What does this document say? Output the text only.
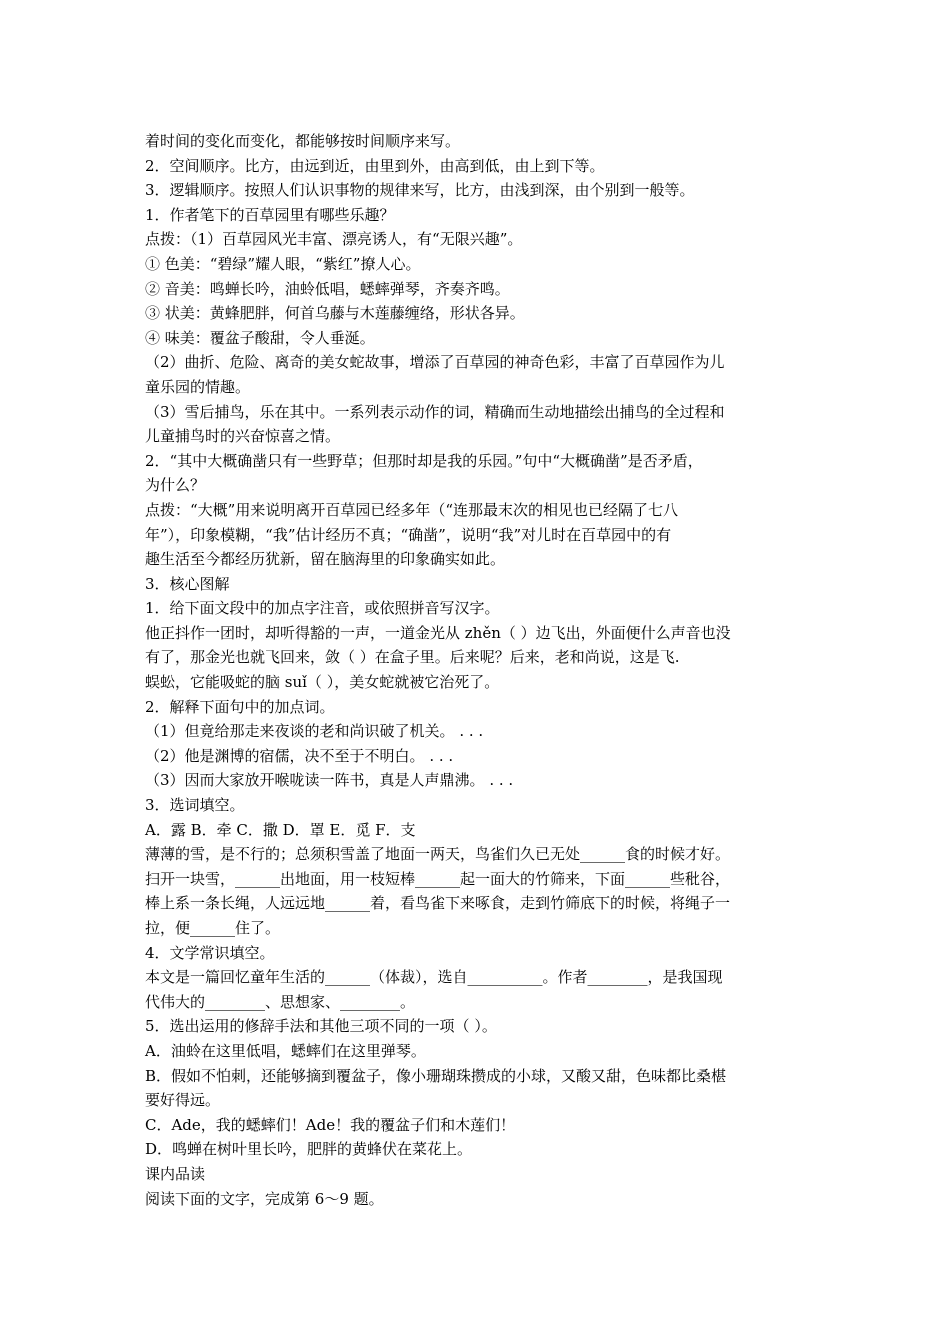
着时间的变化而变化，都能够按时间顺序来写。
2．空间顺序。比方，由远到近，由里到外，由高到低，由上到下等。
3．逻辑顺序。按照人们认识事物的规律来写，比方，由浅到深，由个别到一般等。
1．作者笔下的百草园里有哪些乐趣？
点拨：（1）百草园风光丰富、漂亮诱人，有“无限兴趣”。
① 色美：“碧绿”耀人眼，“紫红”撩人心。
② 音美：鸣蝉长吟，油蛉低唱，蟋蟀弹琴，齐奏齐鸣。
③ 状美：黄蜂肥胖，何首乌藤与木莲藤缠络，形状各异。
④ 味美：覆盆子酸甜，令人垂涎。
（2）曲折、危险、离奇的美女蛇故事，增添了百草园的神奇色彩，丰富了百草园作为儿
童乐园的情趣。
（3）雪后捕鸟，乐在其中。一系列表示动作的词，精确而生动地描绘出捕鸟的全过程和
儿童捕鸟时的兴奋惊喜之情。
2．“其中大概确凿只有一些野草；但那时却是我的乐园。”句中“大概确凿”是否矛盾，
为什么？
点拨：“大概”用来说明离开百草园已经多年（“连那最末次的相见也已经隔了七八
年”），印象模糊，“我”估计经历不真；“确凿”，说明“我”对儿时在百草园中的有
趣生活至今都经历犹新，留在脑海里的印象确实如此。
3．核心图解
1．给下面文段中的加点字注音，或依照拼音写汉字。
他正抖作一团时，却听得豁的一声，一道金光从 zhěn（ ）边飞出，外面便什么声音也没
有了，那金光也就飞回来，敛（ ）在盒子里。后来呢？后来，老和尚说，这是飞.
蜈蚣，它能吸蛇的脑 suǐ（ ），美女蛇就被它治死了。
2．解释下面句中的加点词。
（1）但竟给那走来夜谈的老和尚识破了机关。 . . .
（2）他是渊博的宿儒，决不至于不明白。 . . .
（3）因而大家放开喉咙读一阵书，真是人声鼎沸。 . . .
3．选词填空。
A．露 B．牵 C．撒 D．罩 E．觅 F．支
薄薄的雪，是不行的；总须积雪盖了地面一两天，鸟雀们久已无处______食的时候才好。
扫开一块雪，______出地面，用一枝短棒______起一面大的竹筛来，下面______些秕谷，
棒上系一条长绳，人远远地______着，看鸟雀下来啄食，走到竹筛底下的时候，将绳子一
拉，便______住了。
4．文学常识填空。
本文是一篇回忆童年生活的______（体裁），选自__________。作者________，是我国现
代伟大的________、思想家、________。
5．选出运用的修辞手法和其他三项不同的一项（ ）。
A．油蛉在这里低唱，蟋蟀们在这里弹琴。
B．假如不怕刺，还能够摘到覆盆子，像小珊瑚珠攒成的小球，又酸又甜，色味都比桑椹
要好得远。
C．Ade，我的蟋蟀们！Ade！我的覆盆子们和木莲们！
D．鸣蝉在树叶里长吟，肥胖的黄蜂伏在菜花上。
课内品读
阅读下面的文字，完成第 6～9 题。
